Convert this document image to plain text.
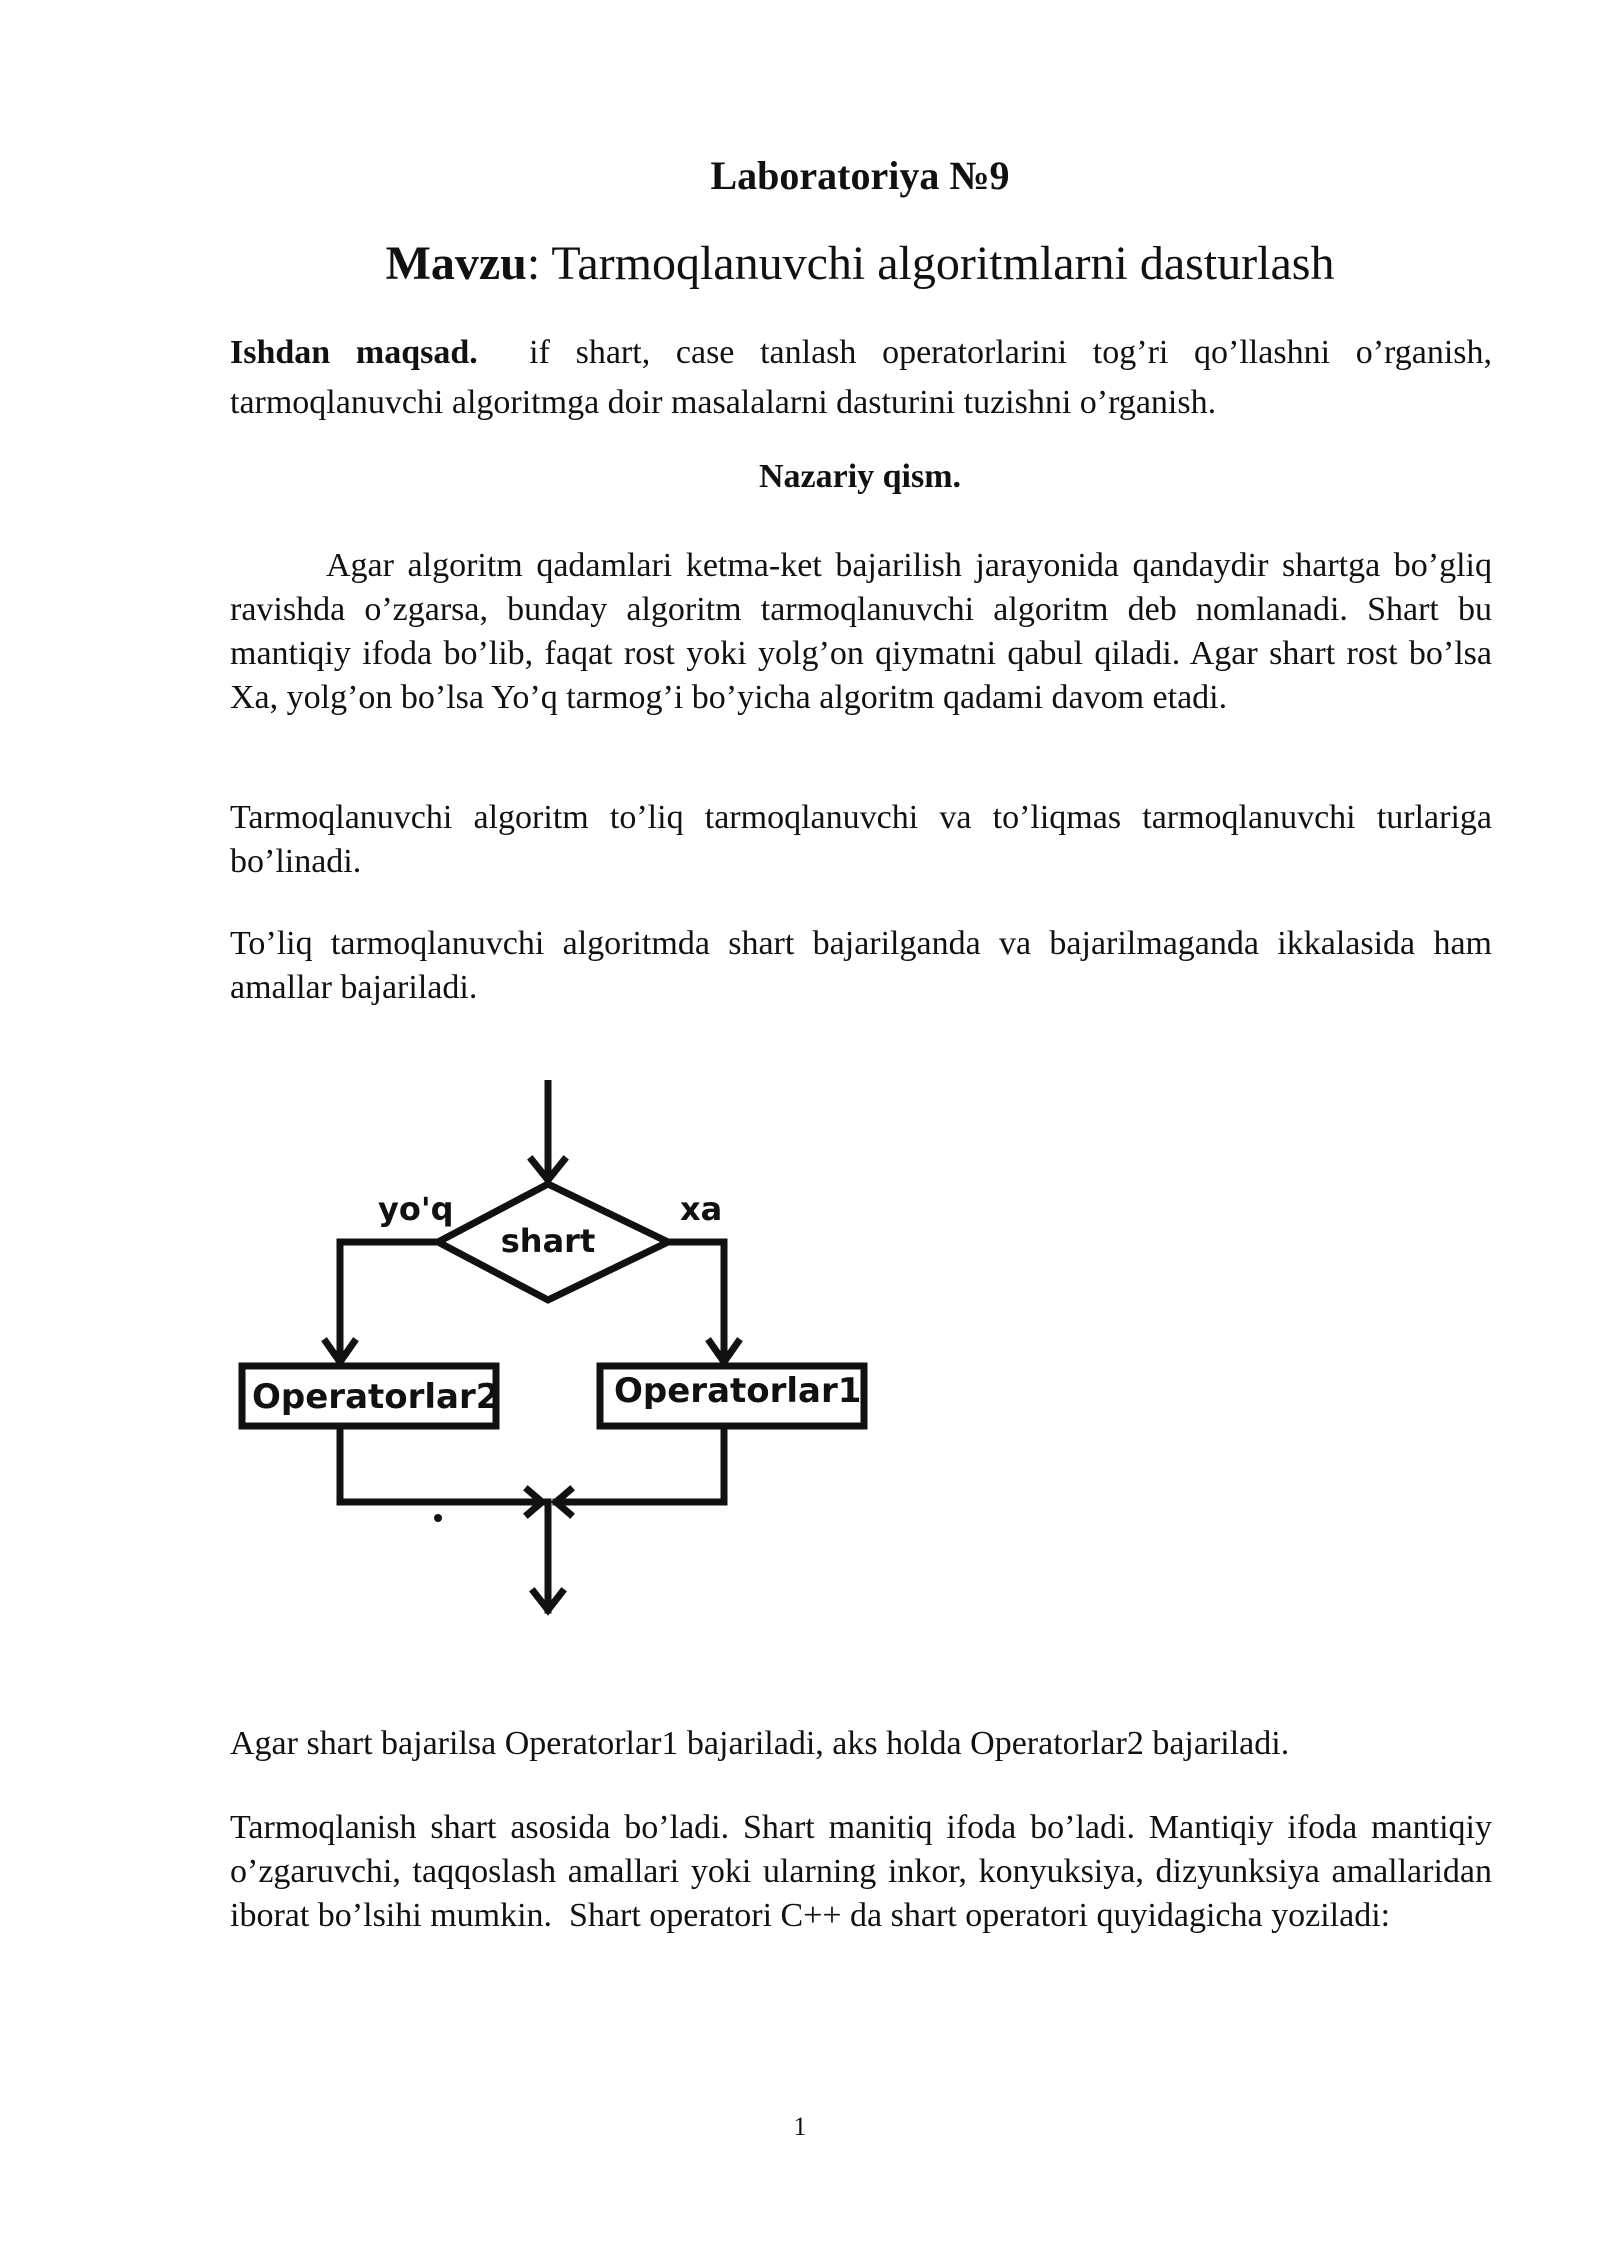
Laboratoriya №9
Mavzu: Tarmoqlanuvchi algoritmlarni dasturlash
Ishdan maqsad.  if shart, case tanlash operatorlarini tog’ri qo’llashni o’rganish, tarmoqlanuvchi algoritmga doir masalalarni dasturini tuzishni o’rganish.
Nazariy qism.
Agar algoritm qadamlari ketma-ket bajarilish jarayonida qandaydir shartga bo’gliq ravishda o’zgarsa, bunday algoritm tarmoqlanuvchi algoritm deb nomlanadi. Shart bu mantiqiy ifoda bo’lib, faqat rost yoki yolg’on qiymatni qabul qiladi. Agar shart rost bo’lsa Xa, yolg’on bo’lsa Yo’q tarmog’i bo’yicha algoritm qadami davom etadi.
Tarmoqlanuvchi algoritm to’liq tarmoqlanuvchi va to’liqmas tarmoqlanuvchi turlariga bo’linadi.
To’liq tarmoqlanuvchi algoritmda shart bajarilganda va bajarilmaganda ikkalasida ham amallar bajariladi.
shart
yo'q	xa
Operatorlar2	Operatorlar1
Agar shart bajarilsa Operatorlar1 bajariladi, aks holda Operatorlar2 bajariladi.
Tarmoqlanish shart asosida bo’ladi. Shart manitiq ifoda bo’ladi. Mantiqiy ifoda mantiqiy o’zgaruvchi, taqqoslash amallari yoki ularning inkor, konyuksiya, dizyunksiya amallaridan iborat bo’lsihi mumkin.  Shart operatori C++ da shart operatori quyidagicha yoziladi:
1
